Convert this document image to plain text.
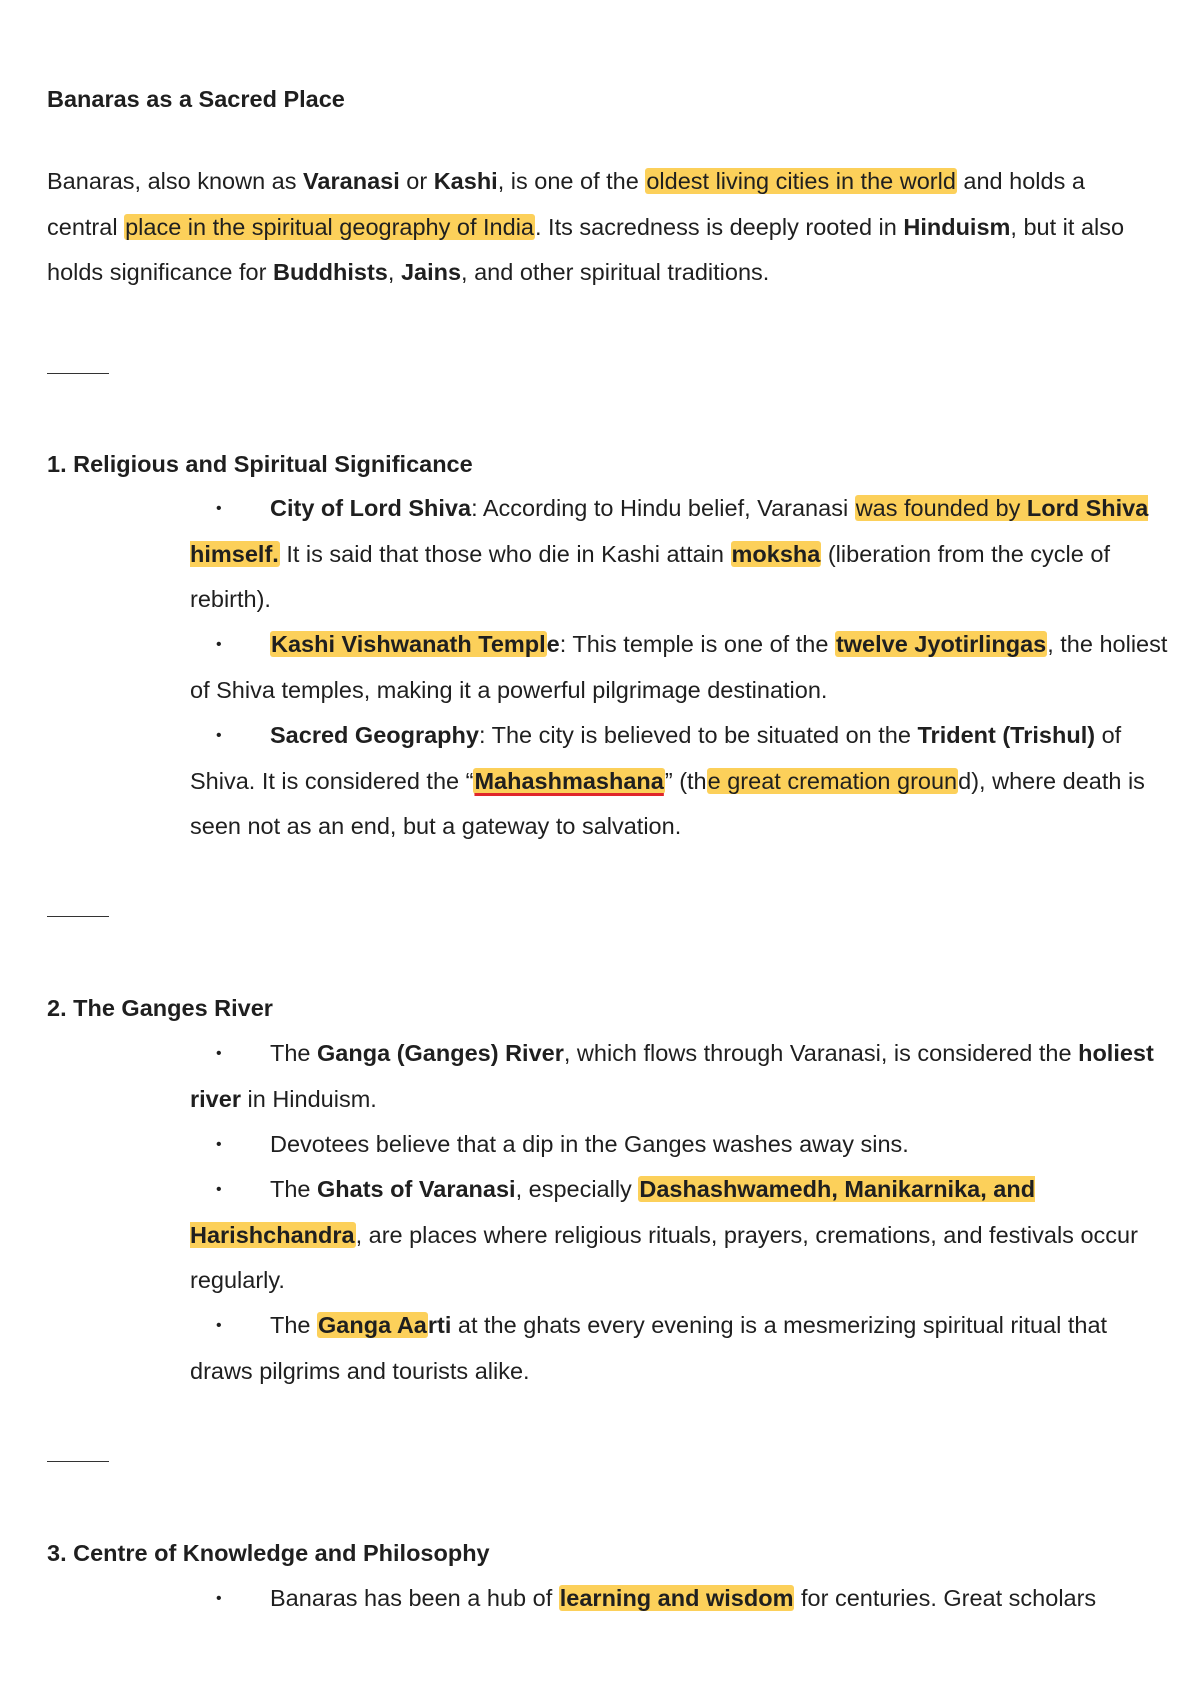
Banaras as a Sacred Place

Banaras, also known as Varanasi or Kashi, is one of the oldest living cities in the world and holds a central place in the spiritual geography of India. Its sacredness is deeply rooted in Hinduism, but it also holds significance for Buddhists, Jains, and other spiritual traditions.

1. Religious and Spiritual Significance

• City of Lord Shiva: According to Hindu belief, Varanasi was founded by Lord Shiva himself. It is said that those who die in Kashi attain moksha (liberation from the cycle of rebirth).

• Kashi Vishwanath Temple: This temple is one of the twelve Jyotirlingas, the holiest of Shiva temples, making it a powerful pilgrimage destination.

• Sacred Geography: The city is believed to be situated on the Trident (Trishul) of Shiva. It is considered the “Mahashmashana” (the great cremation ground), where death is seen not as an end, but a gateway to salvation.

2. The Ganges River

• The Ganga (Ganges) River, which flows through Varanasi, is considered the holiest river in Hinduism.

• Devotees believe that a dip in the Ganges washes away sins.

• The Ghats of Varanasi, especially Dashashwamedh, Manikarnika, and Harishchandra, are places where religious rituals, prayers, cremations, and festivals occur regularly.

• The Ganga Aarti at the ghats every evening is a mesmerizing spiritual ritual that draws pilgrims and tourists alike.

3. Centre of Knowledge and Philosophy

• Banaras has been a hub of learning and wisdom for centuries. Great scholars
